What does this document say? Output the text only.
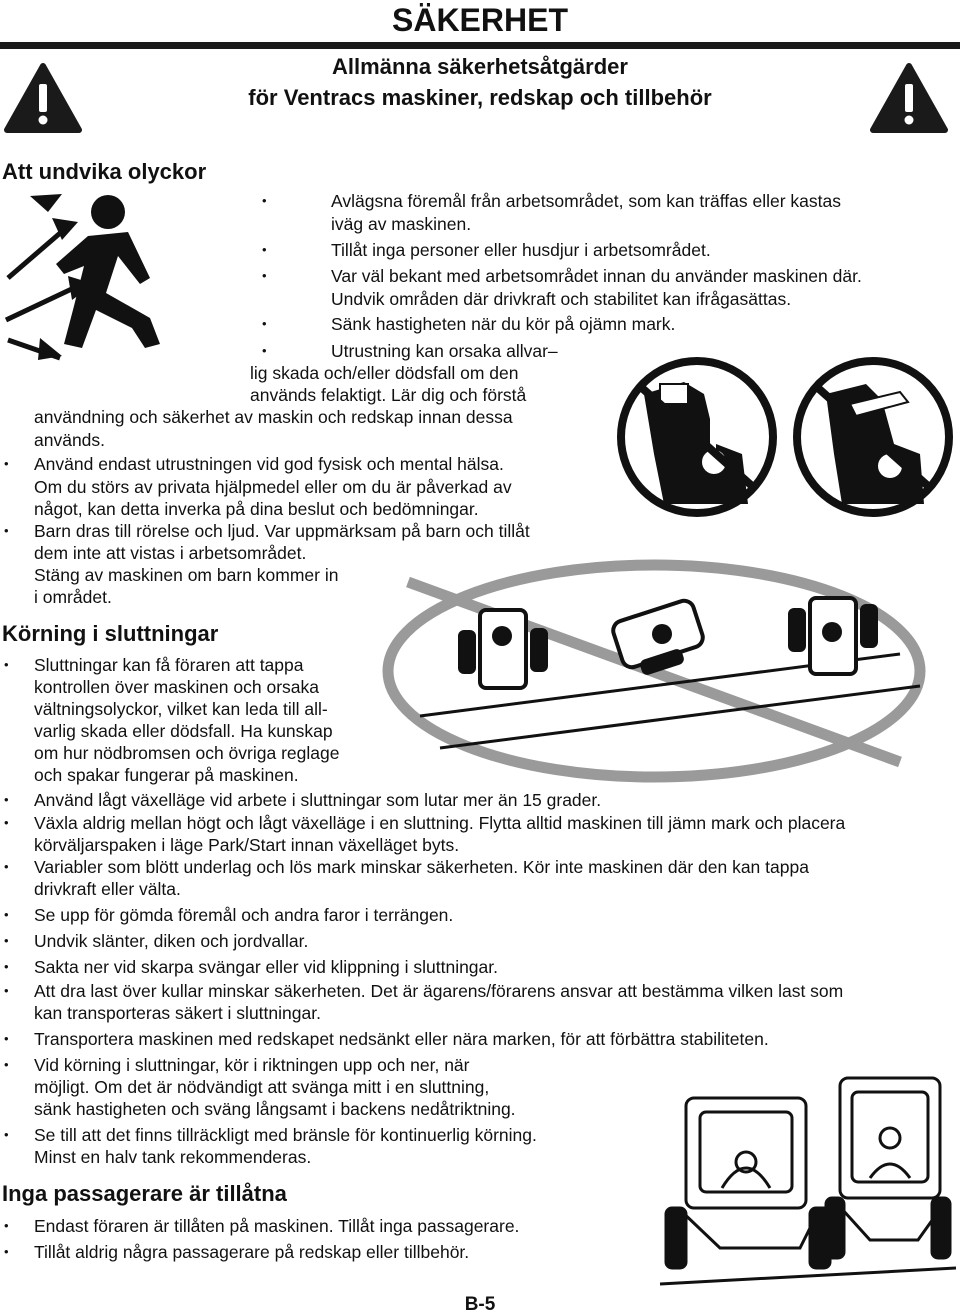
SÄKERHET
Allmänna säkerhetsåtgärder
för Ventracs maskiner, redskap och tillbehör
Att undvika olyckor
•	Avlägsna föremål från arbetsområdet, som kan träffas eller kastas
iväg av maskinen.
•	Tillåt inga personer eller husdjur i arbetsområdet.
•	Var väl bekant med arbetsområdet innan du använder maskinen där.
Undvik områden där drivkraft och stabilitet kan ifrågasättas.
•	Sänk hastigheten när du kör på ojämn mark.
•	Utrustning kan orsaka allvar–
lig skada och/eller dödsfall om den
används felaktigt. Lär dig och förstå
användning och säkerhet av maskin och redskap innan dessa
används.
• Använd endast utrustningen vid god fysisk och mental hälsa.
Om du störs av privata hjälpmedel eller om du är påverkad av
något, kan detta inverka på dina beslut och bedömningar.
• Barn dras till rörelse och ljud. Var uppmärksam på barn och tillåt
dem inte att vistas i arbetsområdet.
Stäng av maskinen om barn kommer in
i området.
Körning i sluttningar
• Sluttningar kan få föraren att tappa
kontrollen över maskinen och orsaka
vältningsolyckor, vilket kan leda till all-
varlig skada eller dödsfall. Ha kunskap
om hur nödbromsen och övriga reglage
och spakar fungerar på maskinen.
• Använd lågt växelläge vid arbete i sluttningar som lutar mer än 15 grader.
• Växla aldrig mellan högt och lågt växelläge i en sluttning. Flytta alltid maskinen till jämn mark och placera
körväljarspaken i läge Park/Start innan växelläget byts.
• Variabler som blött underlag och lös mark minskar säkerheten. Kör inte maskinen där den kan tappa
drivkraft eller välta.
• Se upp för gömda föremål och andra faror i terrängen.
• Undvik slänter, diken och jordvallar.
• Sakta ner vid skarpa svängar eller vid klippning i sluttningar.
• Att dra last över kullar minskar säkerheten. Det är ägarens/förarens ansvar att bestämma vilken last som
kan transporteras säkert i sluttningar.
• Transportera maskinen med redskapet nedsänkt eller nära marken, för att förbättra stabiliteten.
• Vid körning i sluttningar, kör i riktningen upp och ner, när
möjligt. Om det är nödvändigt att svänga mitt i en sluttning,
sänk hastigheten och sväng långsamt i backens nedåtriktning.
• Se till att det finns tillräckligt med bränsle för kontinuerlig körning.
Minst en halv tank rekommenderas.
Inga passagerare är tillåtna
• Endast föraren är tillåten på maskinen. Tillåt inga passagerare.
• Tillåt aldrig några passagerare på redskap eller tillbehör.
B-5
